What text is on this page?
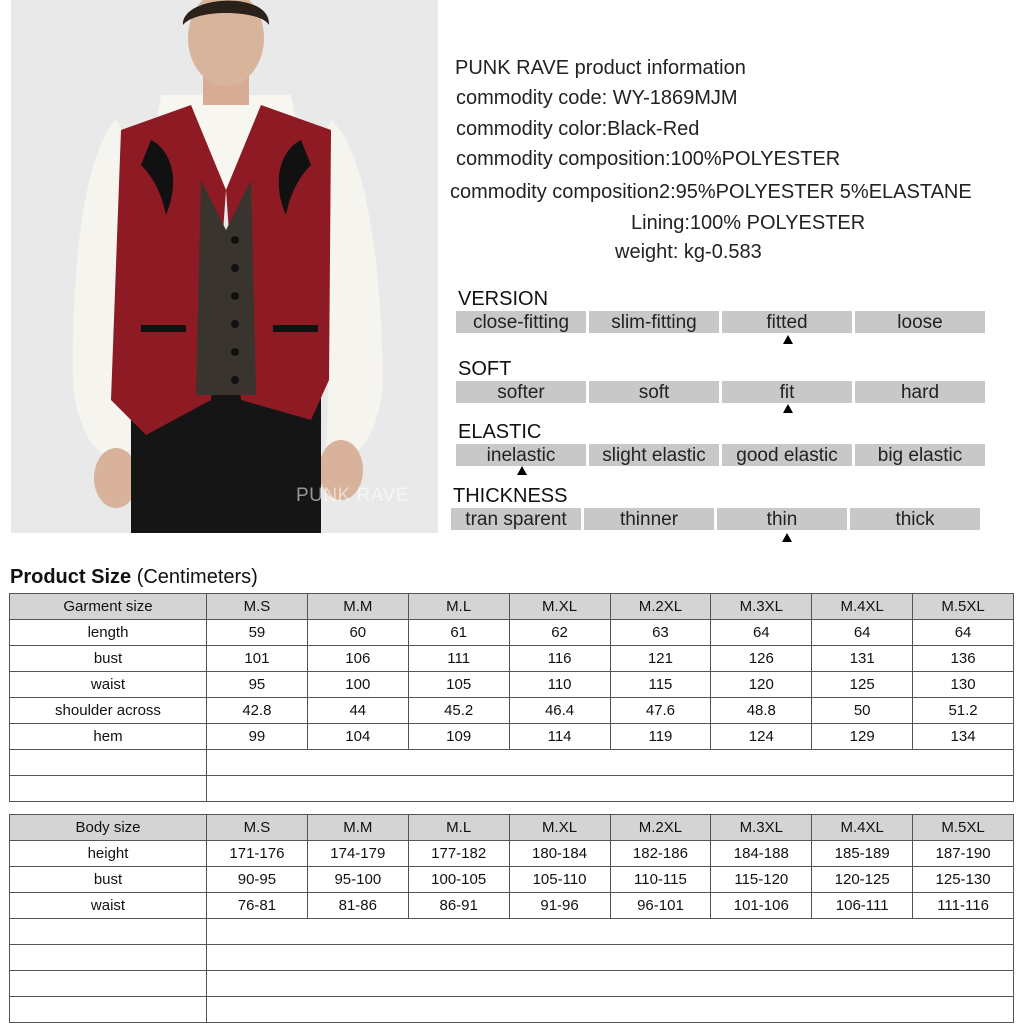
PUNK RAVE
PUNK RAVE product information
commodity code: WY-1869MJM
commodity color:Black-Red
commodity composition:100%POLYESTER
commodity composition2:95%POLYESTER 5%ELASTANE
Lining:100% POLYESTER
weight: kg-0.583
VERSION
close-fitting	slim-fitting	fitted	loose
SOFT
softer	soft	fit	hard
ELASTIC
inelastic	slight elastic	good elastic	big elastic
THICKNESS
tran sparent	thinner	thin	thick
Product Size (Centimeters)
Garment size	M.S	M.M	M.L	M.XL	M.2XL	M.3XL	M.4XL	M.5XL
length	59	60	61	62	63	64	64	64
bust	101	106	111	116	121	126	131	136
waist	95	100	105	110	115	120	125	130
shoulder across	42.8	44	45.2	46.4	47.6	48.8	50	51.2
hem	99	104	109	114	119	124	129	134

Body size	M.S	M.M	M.L	M.XL	M.2XL	M.3XL	M.4XL	M.5XL
height	171-176	174-179	177-182	180-184	182-186	184-188	185-189	187-190
bust	90-95	95-100	100-105	105-110	110-115	115-120	120-125	125-130
waist	76-81	81-86	86-91	91-96	96-101	101-106	106-111	111-116
